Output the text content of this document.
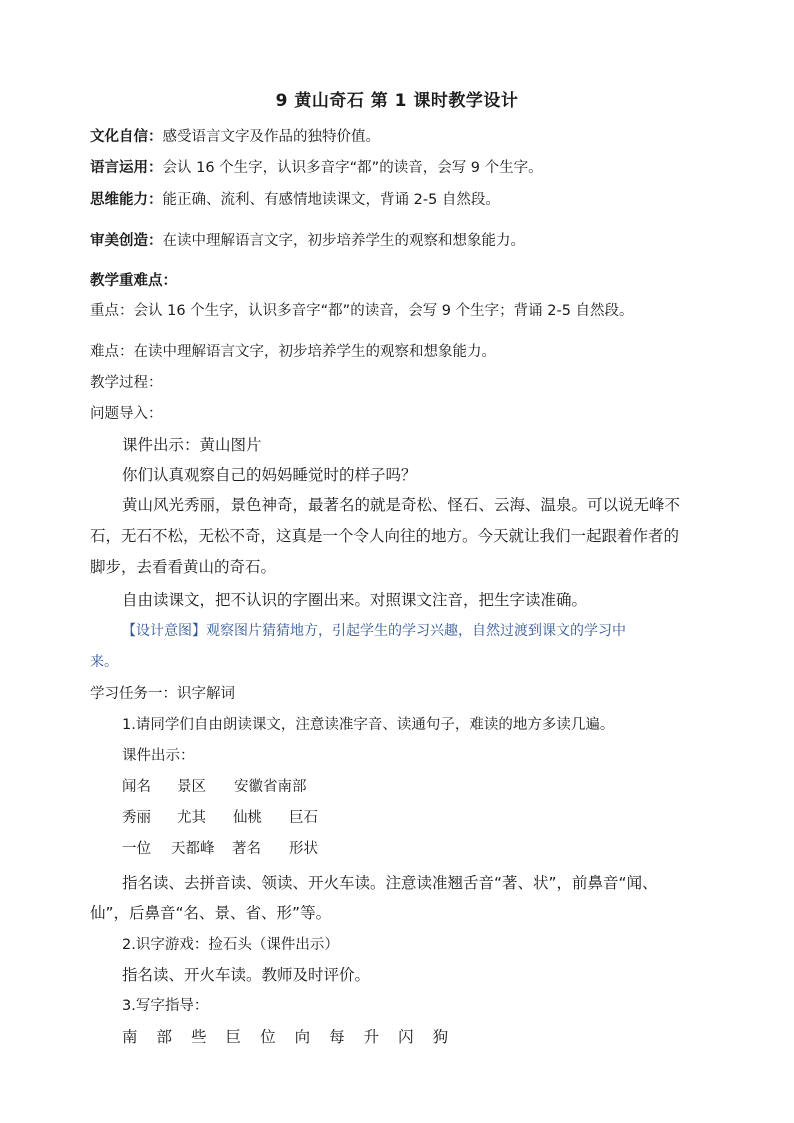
9 黄山奇石 第 1 课时教学设计
文化自信：感受语言文字及作品的独特价值。
语言运用：会认 16 个生字，认识多音字“都”的读音，会写 9 个生字。
思维能力：能正确、流利、有感情地读课文，背诵 2-5 自然段。
审美创造：在读中理解语言文字，初步培养学生的观察和想象能力。
教学重难点：
重点：会认 16 个生字，认识多音字“都”的读音，会写 9 个生字；背诵 2-5 自然段。
难点：在读中理解语言文字，初步培养学生的观察和想象能力。
教学过程：
问题导入：
课件出示：黄山图片
你们认真观察自己的妈妈睡觉时的样子吗？
黄山风光秀丽，景色神奇，最著名的就是奇松、怪石、云海、温泉。可以说无峰不
石，无石不松，无松不奇，这真是一个令人向往的地方。今天就让我们一起跟着作者的
脚步，去看看黄山的奇石。
自由读课文，把不认识的字圈出来。对照课文注音，把生字读准确。
【设计意图】观察图片猜猜地方，引起学生的学习兴趣，自然过渡到课文的学习中
来。
学习任务一：识字解词
1.请同学们自由朗读课文，注意读准字音、读通句子，难读的地方多读几遍。
课件出示：
闻名 景区 安徽省南部
秀丽 尤其 仙桃 巨石
一位 天都峰 著名 形状
指名读、去拼音读、领读、开火车读。注意读准翘舌音“著、状”，前鼻音“闻、
仙”，后鼻音“名、景、省、形”等。
2.识字游戏：捡石头（课件出示）
指名读、开火车读。教师及时评价。
3.写字指导：
南 部 些 巨 位 向 每 升 闪 狗
